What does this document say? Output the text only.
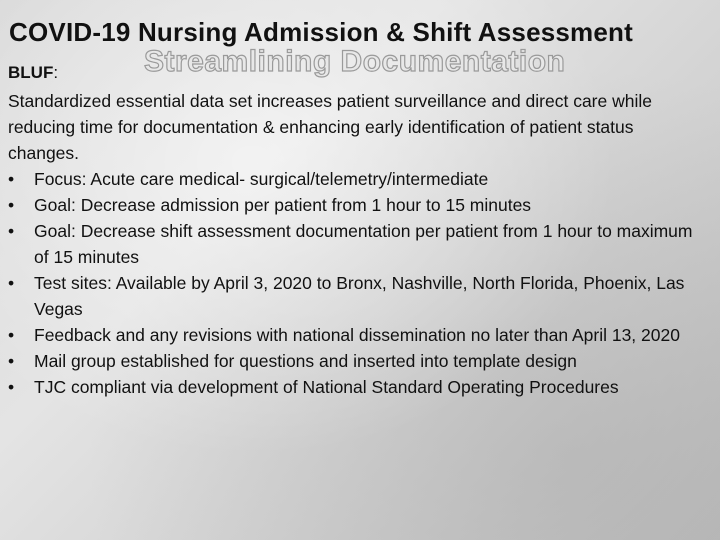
COVID-19 Nursing Admission & Shift Assessment
Streamlining Documentation
BLUF:

Standardized essential data set increases patient surveillance and direct care while reducing time for documentation & enhancing early identification of patient status changes.

•	Focus: Acute care medical- surgical/telemetry/intermediate
•	Goal: Decrease admission per patient from 1 hour to 15 minutes
•	Goal: Decrease shift assessment documentation per patient from 1 hour to maximum of 15 minutes
•	Test sites: Available by April 3, 2020 to Bronx, Nashville, North Florida, Phoenix, Las Vegas
•	Feedback and any revisions with national dissemination no later than April 13, 2020
•	Mail group established for questions and inserted into template design
•	TJC compliant via development of National Standard Operating Procedures
